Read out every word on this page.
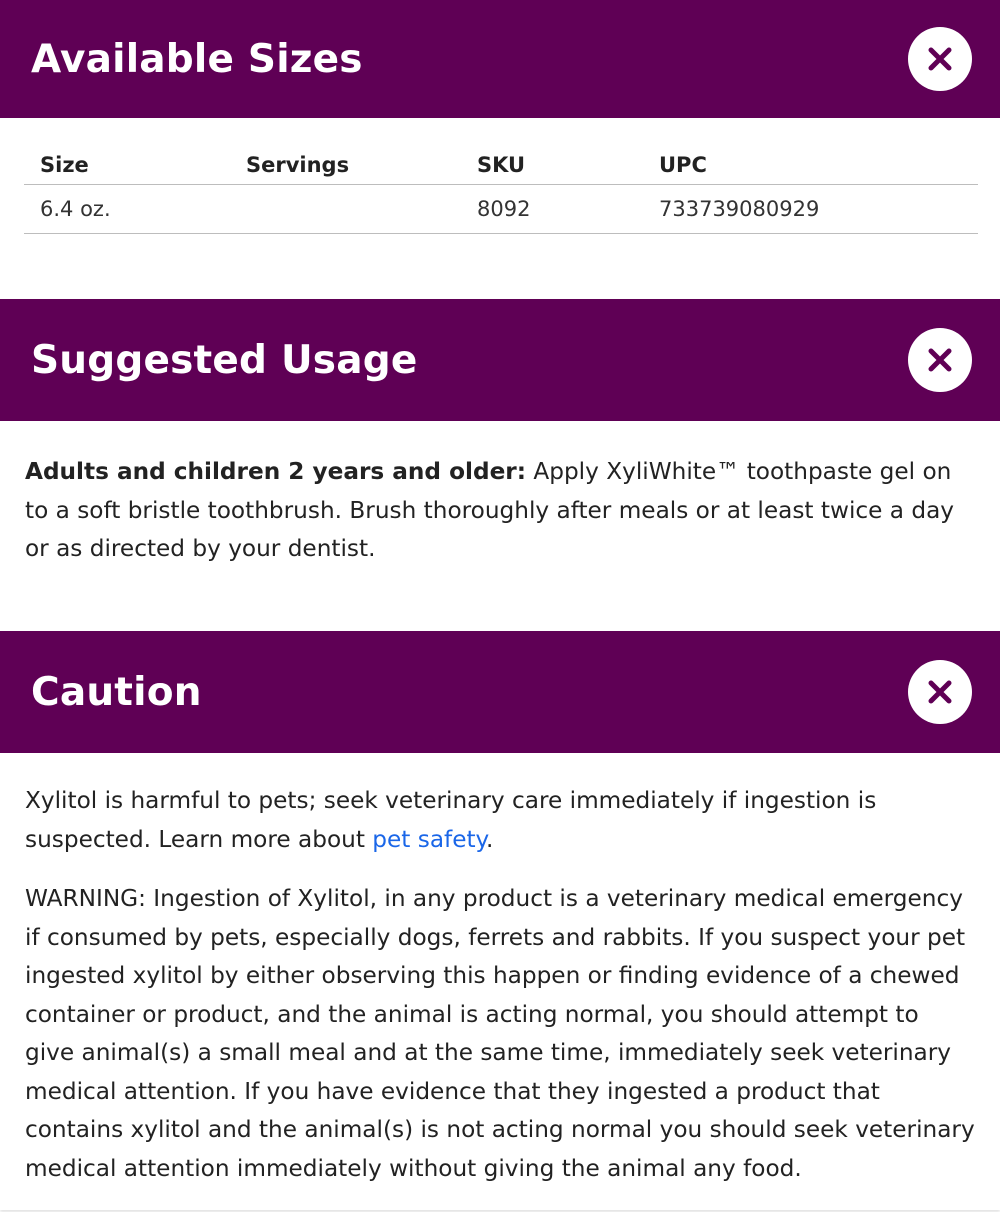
Available Sizes
Size	Servings	SKU	UPC
6.4 oz.		8092	733739080929
Suggested Usage

Adults and children 2 years and older: Apply XyliWhite™ toothpaste gel on to a soft bristle toothbrush. Brush thoroughly after meals or at least twice a day or as directed by your dentist.

Caution

Xylitol is harmful to pets; seek veterinary care immediately if ingestion is suspected. Learn more about pet safety.

WARNING: Ingestion of Xylitol, in any product is a veterinary medical emergency if consumed by pets, especially dogs, ferrets and rabbits. If you suspect your pet ingested xylitol by either observing this happen or finding evidence of a chewed container or product, and the animal is acting normal, you should attempt to give animal(s) a small meal and at the same time, immediately seek veterinary medical attention. If you have evidence that they ingested a product that contains xylitol and the animal(s) is not acting normal you should seek veterinary medical attention immediately without giving the animal any food.
